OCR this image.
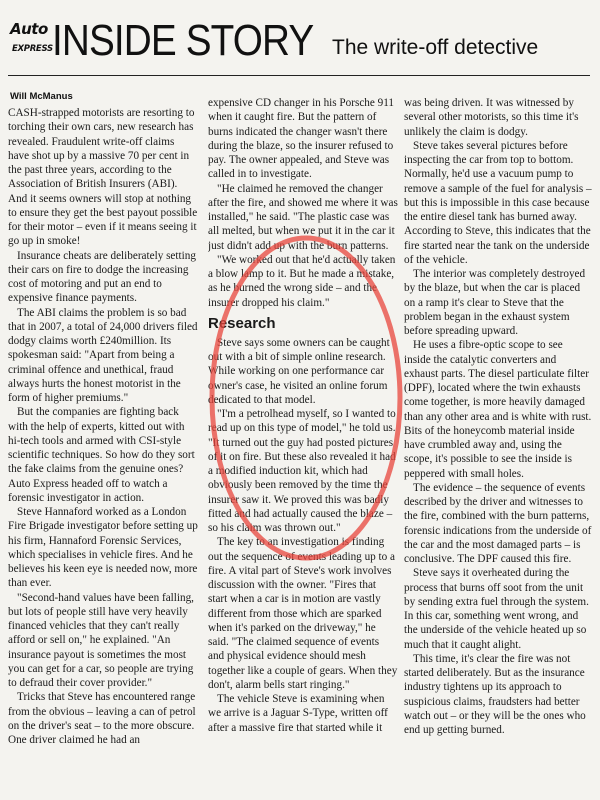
Auto
EXPRESS INSIDE STORY The write-off detective
Will McManus

CASH-strapped motorists are resorting to torching their own cars, new research has revealed. Fraudulent write-off claims have shot up by a massive 70 per cent in the past three years, according to the Association of British Insurers (ABI). And it seems owners will stop at nothing to ensure they get the best payout possible for their motor – even if it means seeing it go up in smoke!

Insurance cheats are deliberately setting their cars on fire to dodge the increasing cost of motoring and put an end to expensive finance payments.

The ABI claims the problem is so bad that in 2007, a total of 24,000 drivers filed dodgy claims worth £240million. Its spokesman said: "Apart from being a criminal offence and unethical, fraud always hurts the honest motorist in the form of higher premiums."

But the companies are fighting back with the help of experts, kitted out with hi-tech tools and armed with CSI-style scientific techniques. So how do they sort the fake claims from the genuine ones? Auto Express headed off to watch a forensic investigator in action.

Steve Hannaford worked as a London Fire Brigade investigator before setting up his firm, Hannaford Forensic Services, which specialises in vehicle fires. And he believes his keen eye is needed now, more than ever.

"Second-hand values have been falling, but lots of people still have very heavily financed vehicles that they can't really afford or sell on," he explained. "An insurance payout is sometimes the most you can get for a car, so people are trying to defraud their cover provider."

Tricks that Steve has encountered range from the obvious – leaving a can of petrol on the driver's seat – to the more obscure. One driver claimed he had an

expensive CD changer in his Porsche 911 when it caught fire. But the pattern of burns indicated the changer wasn't there during the blaze, so the insurer refused to pay. The owner appealed, and Steve was called in to investigate.

"He claimed he removed the changer after the fire, and showed me where it was installed," he said. "The plastic case was all melted, but when we put it in the car it just didn't add up with the burn patterns.

"We worked out that he'd actually taken a blow lamp to it. But he made a mistake, as he burned the wrong side – and the insurer dropped his claim."

Research

Steve says some owners can be caught out with a bit of simple online research. While working on one performance car owner's case, he visited an online forum dedicated to that model.

"I'm a petrolhead myself, so I wanted to read up on this type of model," he told us. "It turned out the guy had posted pictures of it on fire. But these also revealed it had a modified induction kit, which had obviously been removed by the time the insurer saw it. We proved this was badly fitted and had actually caused the blaze – so his claim was thrown out."

The key to an investigation is finding out the sequence of events leading up to a fire. A vital part of Steve's work involves discussion with the owner. "Fires that start when a car is in motion are vastly different from those which are sparked when it's parked on the driveway," he said. "The claimed sequence of events and physical evidence should mesh together like a couple of gears. When they don't, alarm bells start ringing."

The vehicle Steve is examining when we arrive is a Jaguar S-Type, written off after a massive fire that started while it

was being driven. It was witnessed by several other motorists, so this time it's unlikely the claim is dodgy.

Steve takes several pictures before inspecting the car from top to bottom. Normally, he'd use a vacuum pump to remove a sample of the fuel for analysis – but this is impossible in this case because the entire diesel tank has burned away. According to Steve, this indicates that the fire started near the tank on the underside of the vehicle.

The interior was completely destroyed by the blaze, but when the car is placed on a ramp it's clear to Steve that the problem began in the exhaust system before spreading upward.

He uses a fibre-optic scope to see inside the catalytic converters and exhaust parts. The diesel particulate filter (DPF), located where the twin exhausts come together, is more heavily damaged than any other area and is white with rust. Bits of the honeycomb material inside have crumbled away and, using the scope, it's possible to see the inside is peppered with small holes.

The evidence – the sequence of events described by the driver and witnesses to the fire, combined with the burn patterns, forensic indications from the underside of the car and the most damaged parts – is conclusive. The DPF caused this fire.

Steve says it overheated during the process that burns off soot from the unit by sending extra fuel through the system. In this car, something went wrong, and the underside of the vehicle heated up so much that it caught alight.

This time, it's clear the fire was not started deliberately. But as the insurance industry tightens up its approach to suspicious claims, fraudsters had better watch out – or they will be the ones who end up getting burned.
